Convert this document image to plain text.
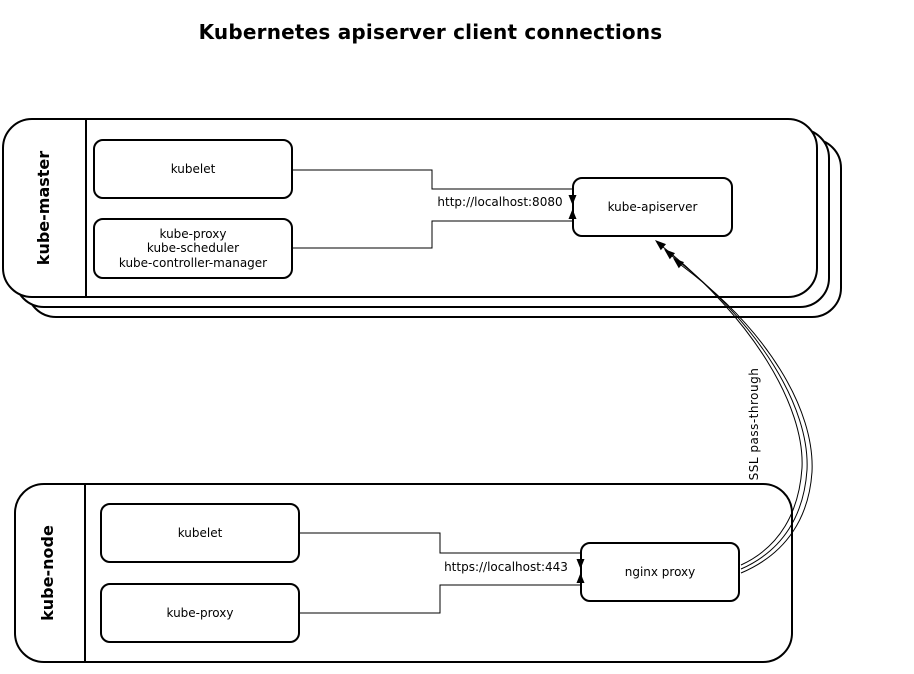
Kubernetes apiserver client connections
kube-master	kubelet
kube-proxy
kube-scheduler
kube-controller-manager
kube-apiserver
http://localhost:8080
kube-node	kubelet
kube-proxy
nginx proxy
https://localhost:443
SSL pass-through
